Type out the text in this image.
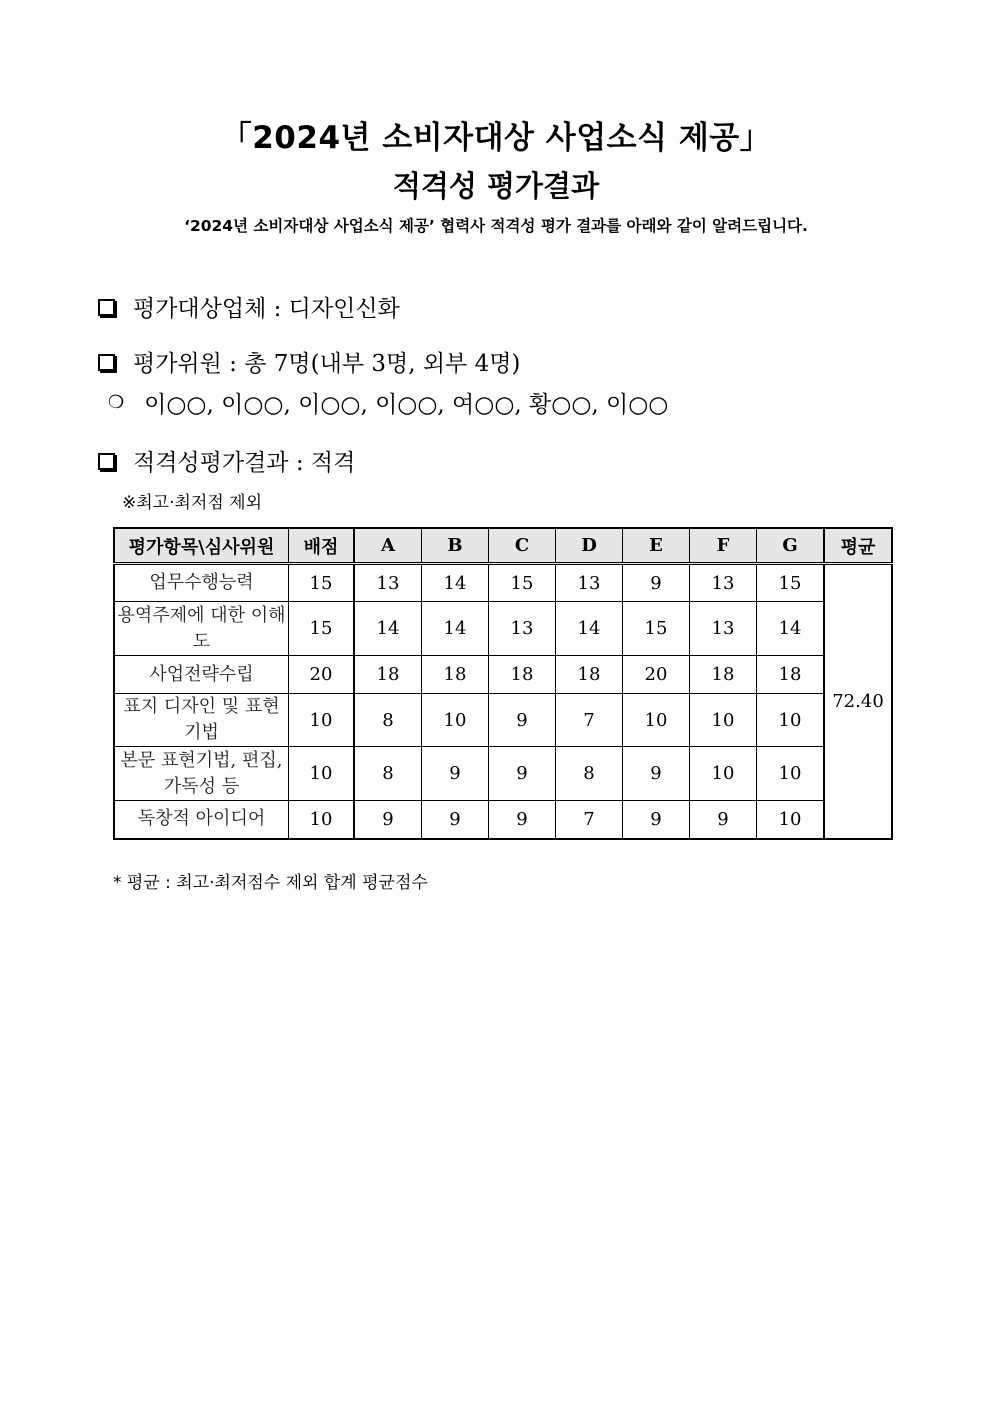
「2024년 소비자대상 사업소식 제공」
적격성 평가결과
‘2024년 소비자대상 사업소식 제공’ 협력사 적격성 평가 결과를 아래와 같이 알려드립니다.
평가대상업체 : 디자인신화
평가위원 : 총 7명(내부 3명, 외부 4명)
❍ 이○○, 이○○, 이○○, 이○○, 여○○, 황○○, 이○○
적격성평가결과 : 적격
※최고·최저점 제외
평가항목\심사위원	배점	A	B	C	D	E	F	G	평균
업무수행능력	15	13	14	15	13	9	13	15	72.40
용역주제에 대한 이해도	15	14	14	13	14	15	13	14	
사업전략수립	20	18	18	18	18	20	18	18	
표지 디자인 및 표현기법	10	8	10	9	7	10	10	10	
본문 표현기법, 편집, 가독성 등	10	8	9	9	8	9	10	10	
독창적 아이디어	10	9	9	9	7	9	9	10	
* 평균 : 최고·최저점수 제외 합계 평균점수
